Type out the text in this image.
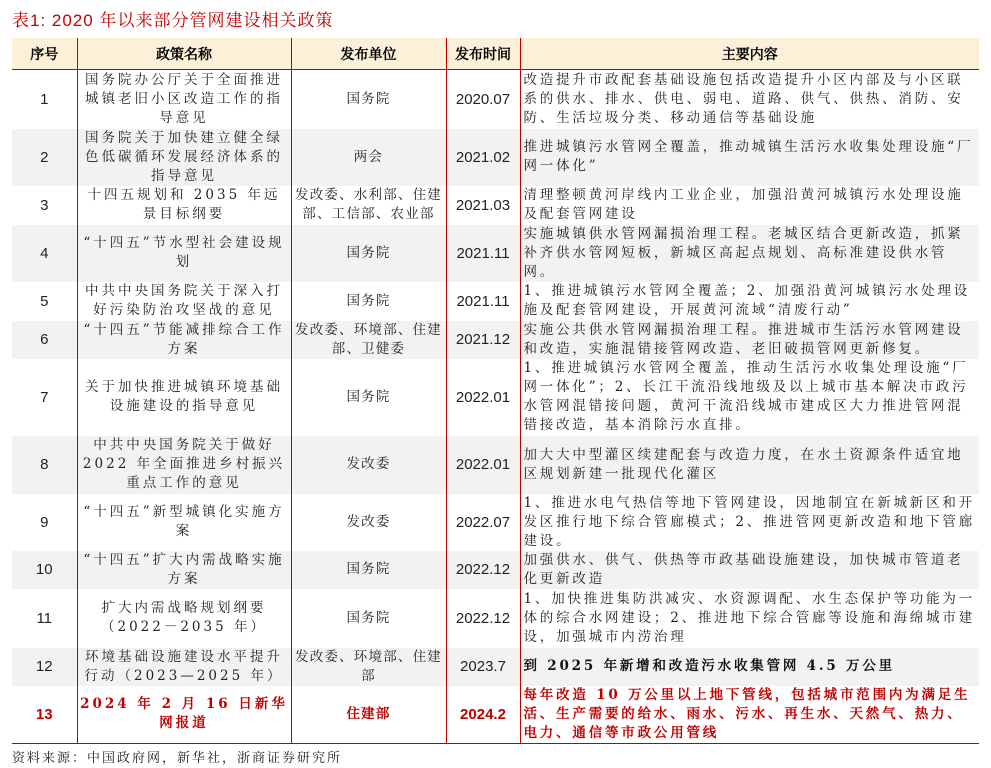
表1: 2020 年以来部分管网建设相关政策
序号	政策名称	发布单位	发布时间	主要内容
1	国务院办公厅关于全面推进城镇老旧小区改造工作的指导意见	国务院	2020.07	改造提升市政配套基础设施包括改造提升小区内部及与小区联系的供水、排水、供电、弱电、道路、供气、供热、消防、安防、生活垃圾分类、移动通信等基础设施
2	国务院关于加快建立健全绿色低碳循环发展经济体系的指导意见	两会	2021.02	推进城镇污水管网全覆盖，推动城镇生活污水收集处理设施“厂网一体化”
3	十四五规划和 2035 年远景目标纲要	发改委、水利部、住建部、工信部、农业部	2021.03	清理整顿黄河岸线内工业企业，加强沿黄河城镇污水处理设施及配套管网建设
4	“十四五”节水型社会建设规划	国务院	2021.11	实施城镇供水管网漏损治理工程。老城区结合更新改造，抓紧补齐供水管网短板，新城区高起点规划、高标准建设供水管网。
5	中共中央国务院关于深入打好污染防治攻坚战的意见	国务院	2021.11	1、推进城镇污水管网全覆盖；2、加强沿黄河城镇污水处理设施及配套管网建设，开展黄河流域“清废行动”
6	“十四五”节能减排综合工作方案	发改委、环境部、住建部、卫健委	2021.12	实施公共供水管网漏损治理工程。推进城市生活污水管网建设和改造，实施混错接管网改造、老旧破损管网更新修复。
7	关于加快推进城镇环境基础设施建设的指导意见	国务院	2022.01	1、推进城镇污水管网全覆盖，推动生活污水收集处理设施“厂网一体化”；2、长江干流沿线地级及以上城市基本解决市政污水管网混错接问题，黄河干流沿线城市建成区大力推进管网混错接改造，基本消除污水直排。
8	中共中央国务院关于做好 2022 年全面推进乡村振兴重点工作的意见	发改委	2022.01	加大大中型灌区续建配套与改造力度，在水土资源条件适宜地区规划新建一批现代化灌区
9	“十四五”新型城镇化实施方案	发改委	2022.07	1、推进水电气热信等地下管网建设，因地制宜在新城新区和开发区推行地下综合管廊模式；2、推进管网更新改造和地下管廊建设。
10	“十四五”扩大内需战略实施方案	国务院	2022.12	加强供水、供气、供热等市政基础设施建设，加快城市管道老化更新改造
11	扩大内需战略规划纲要（2022－2035 年）	国务院	2022.12	1、加快推进集防洪减灾、水资源调配、水生态保护等功能为一体的综合水网建设；2、推进地下综合管廊等设施和海绵城市建设，加强城市内涝治理
12	环境基础设施建设水平提升行动（2023—2025 年）	发改委、环境部、住建部	2023.7	到 2025 年新增和改造污水收集管网 4.5 万公里
13	2024 年 2 月 16 日新华网报道	住建部	2024.2	每年改造 10 万公里以上地下管线，包括城市范围内为满足生活、生产需要的给水、雨水、污水、再生水、天然气、热力、电力、通信等市政公用管线
资料来源：中国政府网，新华社，浙商证券研究所
